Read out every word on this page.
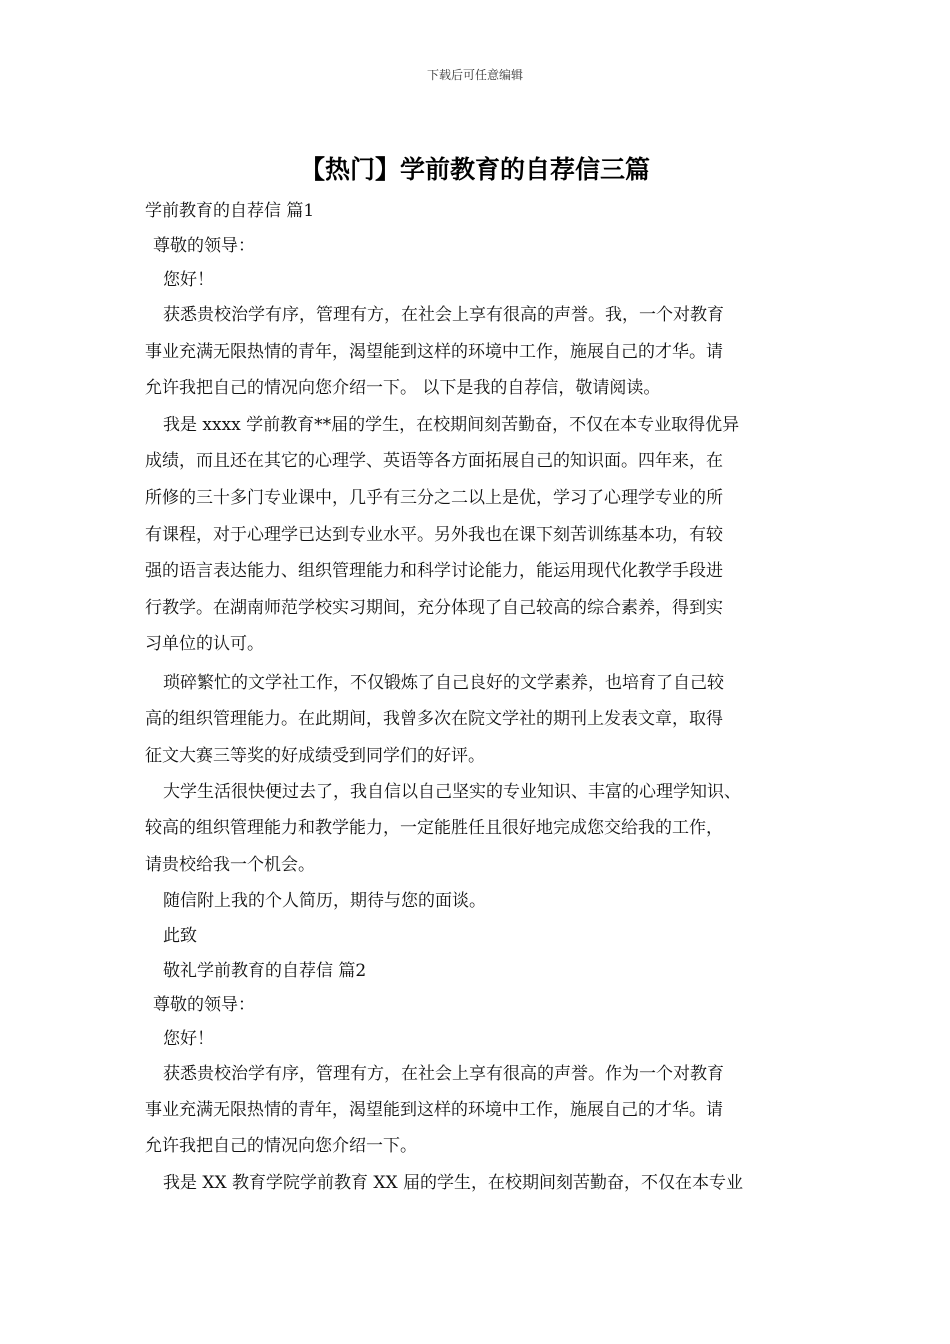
下载后可任意编辑
【热门】学前教育的自荐信三篇
学前教育的自荐信 篇1
尊敬的领导：
您好！
获悉贵校治学有序，管理有方，在社会上享有很高的声誉。我，一个对教育
事业充满无限热情的青年，渴望能到这样的环境中工作，施展自己的才华。请
允许我把自己的情况向您介绍一下。 以下是我的自荐信，敬请阅读。
我是 xxxx 学前教育**届的学生，在校期间刻苦勤奋，不仅在本专业取得优异
成绩，而且还在其它的心理学、英语等各方面拓展自己的知识面。四年来，在
所修的三十多门专业课中，几乎有三分之二以上是优，学习了心理学专业的所
有课程，对于心理学已达到专业水平。另外我也在课下刻苦训练基本功，有较
强的语言表达能力、组织管理能力和科学讨论能力，能运用现代化教学手段进
行教学。在湖南师范学校实习期间，充分体现了自己较高的综合素养，得到实
习单位的认可。
琐碎繁忙的文学社工作，不仅锻炼了自己良好的文学素养，也培育了自己较
高的组织管理能力。在此期间，我曾多次在院文学社的期刊上发表文章，取得
征文大赛三等奖的好成绩受到同学们的好评。
大学生活很快便过去了，我自信以自己坚实的专业知识、丰富的心理学知识、
较高的组织管理能力和教学能力，一定能胜任且很好地完成您交给我的工作，
请贵校给我一个机会。
随信附上我的个人简历，期待与您的面谈。
此致
敬礼学前教育的自荐信 篇2
尊敬的领导：
您好！
获悉贵校治学有序，管理有方，在社会上享有很高的声誉。作为一个对教育
事业充满无限热情的青年，渴望能到这样的环境中工作，施展自己的才华。请
允许我把自己的情况向您介绍一下。
我是 XX 教育学院学前教育 XX 届的学生，在校期间刻苦勤奋，不仅在本专业
